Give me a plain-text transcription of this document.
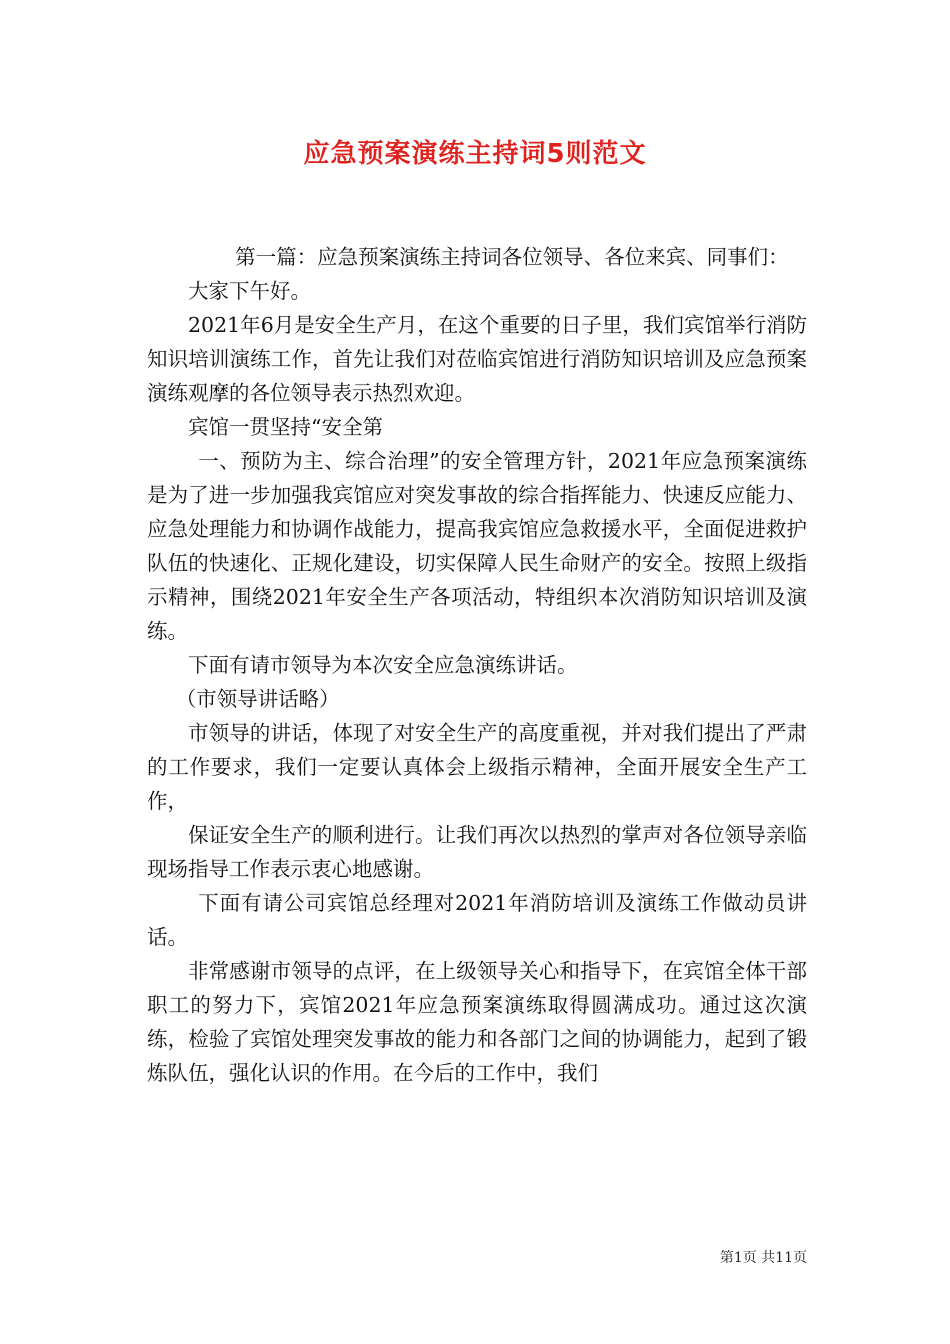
应急预案演练主持词5则范文

第一篇：应急预案演练主持词各位领导、各位来宾、同事们：

大家下午好。

2021年6月是安全生产月，在这个重要的日子里，我们宾馆举行消防知识培训演练工作，首先让我们对莅临宾馆进行消防知识培训及应急预案演练观摩的各位领导表示热烈欢迎。

宾馆一贯坚持“安全第

一、预防为主、综合治理”的安全管理方针，2021年应急预案演练是为了进一步加强我宾馆应对突发事故的综合指挥能力、快速反应能力、应急处理能力和协调作战能力，提高我宾馆应急救援水平，全面促进救护队伍的快速化、正规化建设，切实保障人民生命财产的安全。按照上级指示精神，围绕2021年安全生产各项活动，特组织本次消防知识培训及演练。

下面有请市领导为本次安全应急演练讲话。

（市领导讲话略）

市领导的讲话，体现了对安全生产的高度重视，并对我们提出了严肃的工作要求，我们一定要认真体会上级指示精神，全面开展安全生产工作，

保证安全生产的顺利进行。让我们再次以热烈的掌声对各位领导亲临现场指导工作表示衷心地感谢。

下面有请公司宾馆总经理对2021年消防培训及演练工作做动员讲话。

非常感谢市领导的点评，在上级领导关心和指导下，在宾馆全体干部职工的努力下，宾馆2021年应急预案演练取得圆满成功。通过这次演练，检验了宾馆处理突发事故的能力和各部门之间的协调能力，起到了锻炼队伍，强化认识的作用。在今后的工作中，我们

第1页 共11页
